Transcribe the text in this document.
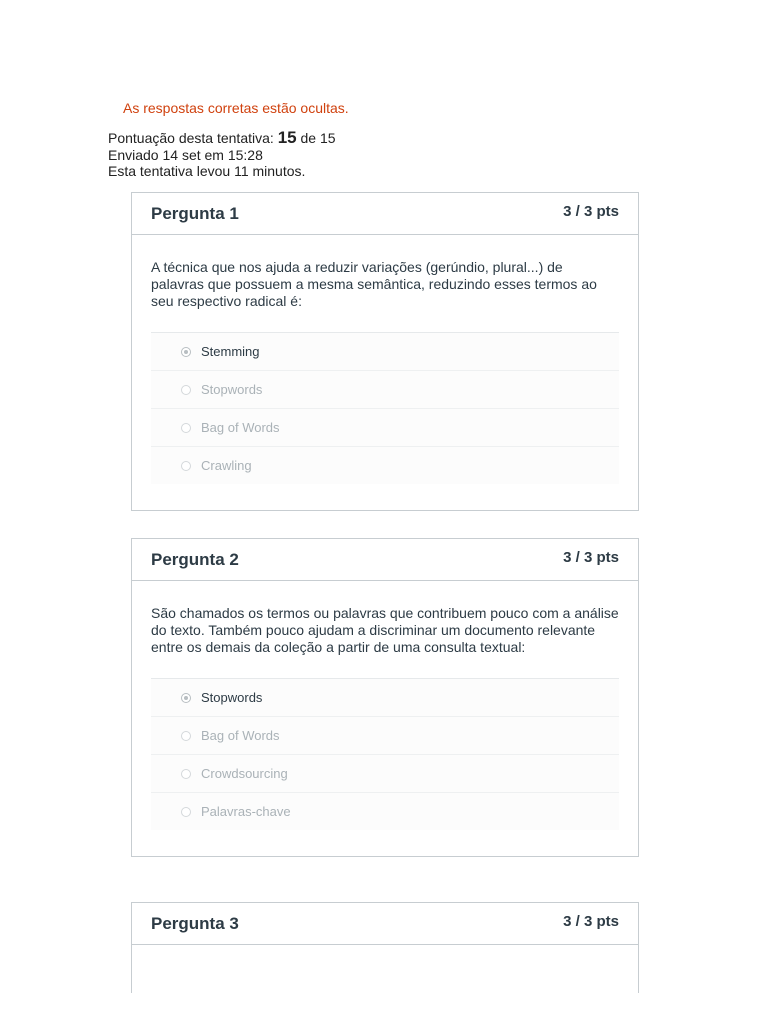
As respostas corretas estão ocultas.
Pontuação desta tentativa: 15 de 15
Enviado 14 set em 15:28
Esta tentativa levou 11 minutos.
Pergunta 1	3 / 3 pts
A técnica que nos ajuda a reduzir variações (gerúndio, plural...) de palavras que possuem a mesma semântica, reduzindo esses termos ao seu respectivo radical é:
Stemming
Stopwords
Bag of Words
Crawling
Pergunta 2	3 / 3 pts
São chamados os termos ou palavras que contribuem pouco com a análise do texto. Também pouco ajudam a discriminar um documento relevante entre os demais da coleção a partir de uma consulta textual:
Stopwords
Bag of Words
Crowdsourcing
Palavras-chave
Pergunta 3	3 / 3 pts
